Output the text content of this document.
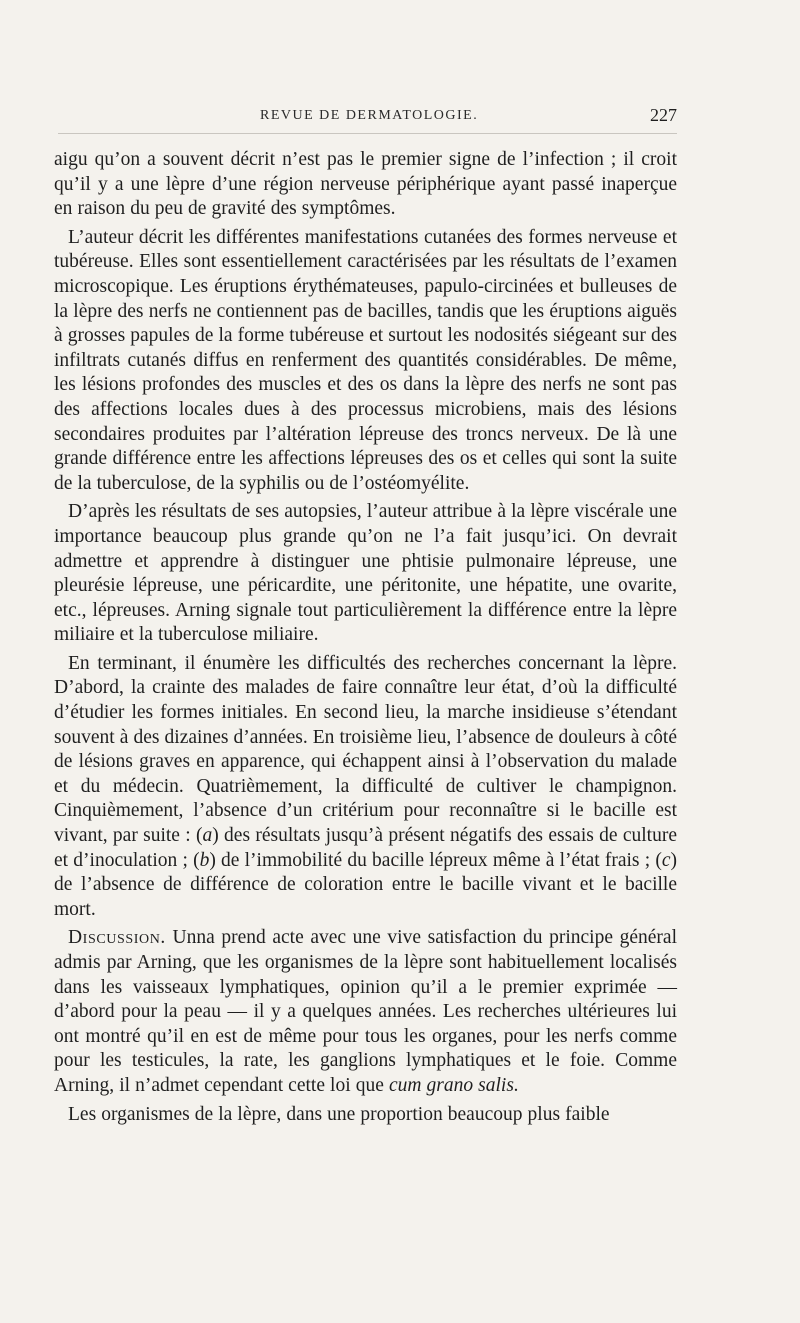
REVUE DE DERMATOLOGIE.	227

aigu qu’on a souvent décrit n’est pas le premier signe de l’infection ; il croit qu’il y a une lèpre d’une région nerveuse périphérique ayant passé inaperçue en raison du peu de gravité des symptômes.

L’auteur décrit les différentes manifestations cutanées des formes nerveuse et tubéreuse. Elles sont essentiellement caractérisées par les résultats de l’examen microscopique. Les éruptions érythémateuses, papulo-circinées et bulleuses de la lèpre des nerfs ne contiennent pas de bacilles, tandis que les éruptions aiguës à grosses papules de la forme tubéreuse et surtout les nodosités siégeant sur des infiltrats cutanés diffus en renferment des quantités considérables. De même, les lésions profondes des muscles et des os dans la lèpre des nerfs ne sont pas des affections locales dues à des processus microbiens, mais des lésions secondaires produites par l’altération lépreuse des troncs nerveux. De là une grande différence entre les affections lépreuses des os et celles qui sont la suite de la tuberculose, de la syphilis ou de l’ostéomyélite.

D’après les résultats de ses autopsies, l’auteur attribue à la lèpre viscérale une importance beaucoup plus grande qu’on ne l’a fait jusqu’ici. On devrait admettre et apprendre à distinguer une phtisie pulmonaire lépreuse, une pleurésie lépreuse, une péricardite, une péritonite, une hépatite, une ovarite, etc., lépreuses. Arning signale tout particulièrement la différence entre la lèpre miliaire et la tuberculose miliaire.

En terminant, il énumère les difficultés des recherches concernant la lèpre. D’abord, la crainte des malades de faire connaître leur état, d’où la difficulté d’étudier les formes initiales. En second lieu, la marche insidieuse s’étendant souvent à des dizaines d’années. En troisième lieu, l’absence de douleurs à côté de lésions graves en apparence, qui échappent ainsi à l’observation du malade et du médecin. Quatrièmement, la difficulté de cultiver le champignon. Cinquièmement, l’absence d’un critérium pour reconnaître si le bacille est vivant, par suite : (a) des résultats jusqu’à présent négatifs des essais de culture et d’inoculation ; (b) de l’immobilité du bacille lépreux même à l’état frais ; (c) de l’absence de différence de coloration entre le bacille vivant et le bacille mort.

Discussion. Unna prend acte avec une vive satisfaction du principe général admis par Arning, que les organismes de la lèpre sont habituellement localisés dans les vaisseaux lymphatiques, opinion qu’il a le premier exprimée — d’abord pour la peau — il y a quelques années. Les recherches ultérieures lui ont montré qu’il en est de même pour tous les organes, pour les nerfs comme pour les testicules, la rate, les ganglions lymphatiques et le foie. Comme Arning, il n’admet cependant cette loi que cum grano salis.

Les organismes de la lèpre, dans une proportion beaucoup plus faible
